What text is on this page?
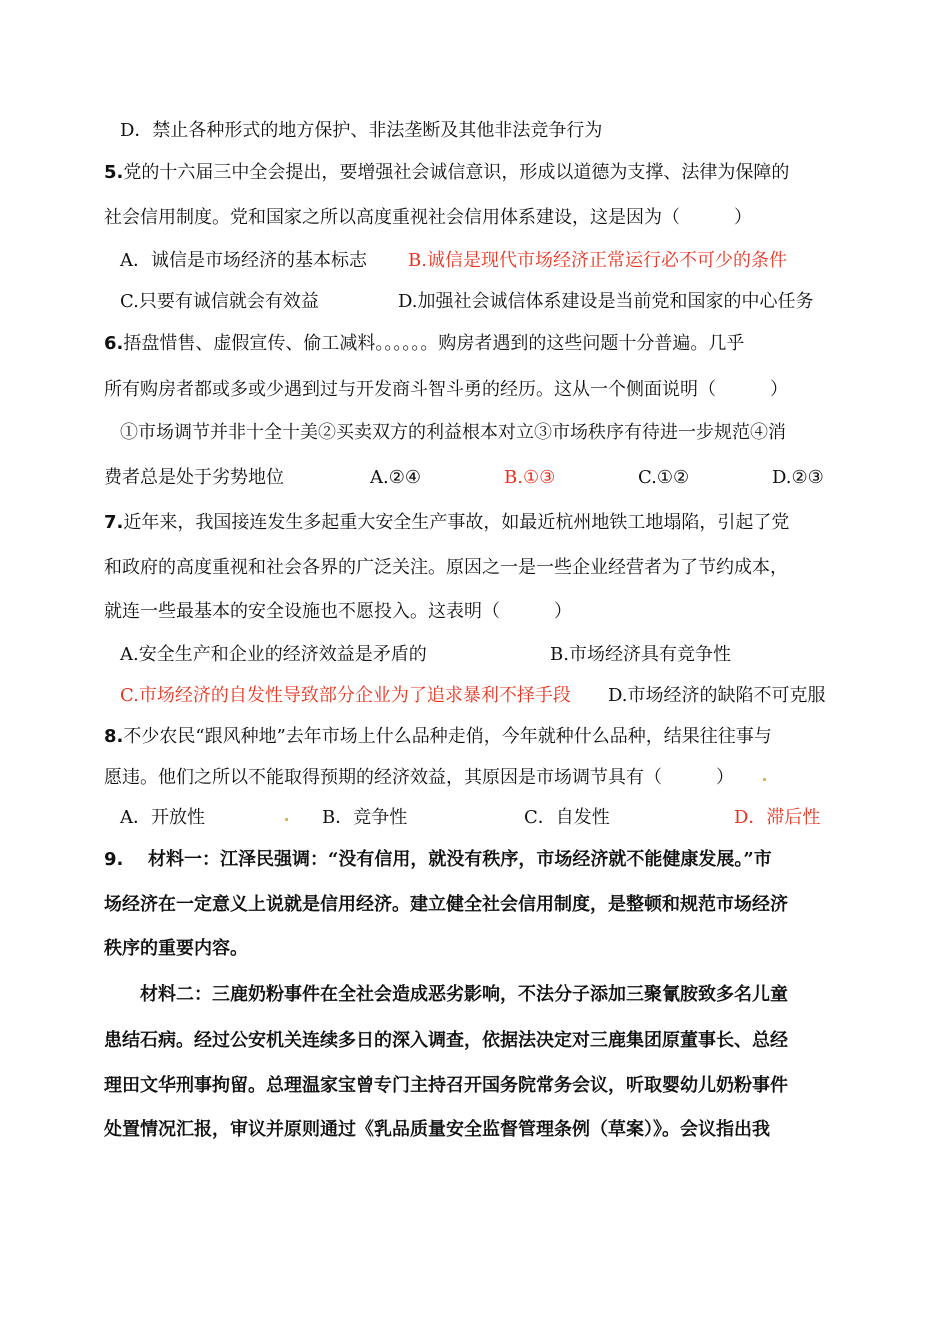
D．禁止各种形式的地方保护、非法垄断及其他非法竞争行为
5.党的十六届三中全会提出，要增强社会诚信意识，形成以道德为支撑、法律为保障的
社会信用制度。党和国家之所以高度重视社会信用体系建设，这是因为（　　　）
A．诚信是市场经济的基本标志 B.诚信是现代市场经济正常运行必不可少的条件
C.只要有诚信就会有效益	D.加强社会诚信体系建设是当前党和国家的中心任务
6.捂盘惜售、虚假宣传、偷工减料。。。。。。购房者遇到的这些问题十分普遍。几乎
所有购房者都或多或少遇到过与开发商斗智斗勇的经历。这从一个侧面说明（　　　）
①市场调节并非十全十美②买卖双方的利益根本对立③市场秩序有待进一步规范④消
费者总是处于劣势地位	A.②④	B.①③	C.①②	D.②③
7.近年来，我国接连发生多起重大安全生产事故，如最近杭州地铁工地塌陷，引起了党
和政府的高度重视和社会各界的广泛关注。原因之一是一些企业经营者为了节约成本，
就连一些最基本的安全设施也不愿投入。这表明（　　　）
A.安全生产和企业的经济效益是矛盾的	B.市场经济具有竞争性
C.市场经济的自发性导致部分企业为了追求暴利不择手段 D.市场经济的缺陷不可克服
8.不少农民“跟风种地”去年市场上什么品种走俏，今年就种什么品种，结果往往事与
愿违。他们之所以不能取得预期的经济效益，其原因是市场调节具有（　　　）
A．开放性	B．竞争性	C．自发性	D．滞后性
9. 材料一：江泽民强调：“没有信用，就没有秩序，市场经济就不能健康发展。”市
场经济在一定意义上说就是信用经济。建立健全社会信用制度，是整顿和规范市场经济
秩序的重要内容。
材料二：三鹿奶粉事件在全社会造成恶劣影响，不法分子添加三聚氰胺致多名儿童
患结石病。经过公安机关连续多日的深入调查，依据法决定对三鹿集团原董事长、总经
理田文华刑事拘留。总理温家宝曾专门主持召开国务院常务会议，听取婴幼儿奶粉事件
处置情况汇报，审议并原则通过《乳品质量安全监督管理条例（草案）》。会议指出我
